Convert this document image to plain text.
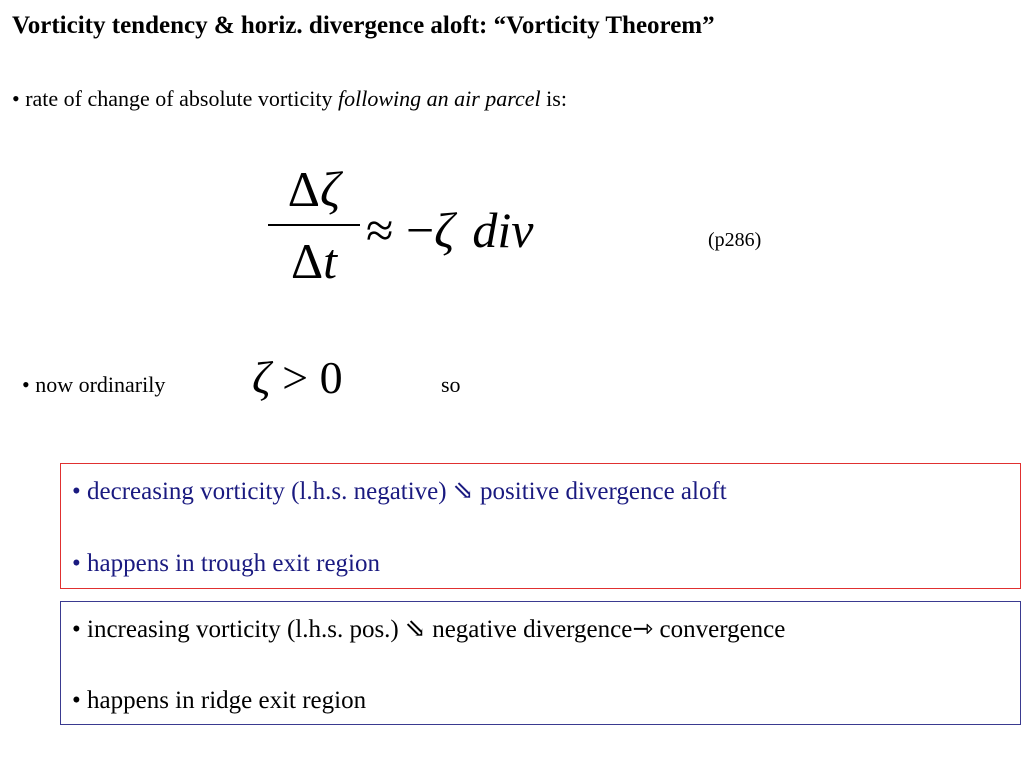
Vorticity tendency & horiz. divergence aloft: “Vorticity Theorem”
• rate of change of absolute vorticity following an air parcel is:
Δζ
Δt
≈ −ζ div	(p286)
• now ordinarily ζ > 0	so
• decreasing vorticity (l.h.s. negative) ⇘ positive divergence aloft
• happens in trough exit region
• increasing vorticity (l.h.s. pos.) ⇘ negative divergence⇾ convergence
• happens in ridge exit region
